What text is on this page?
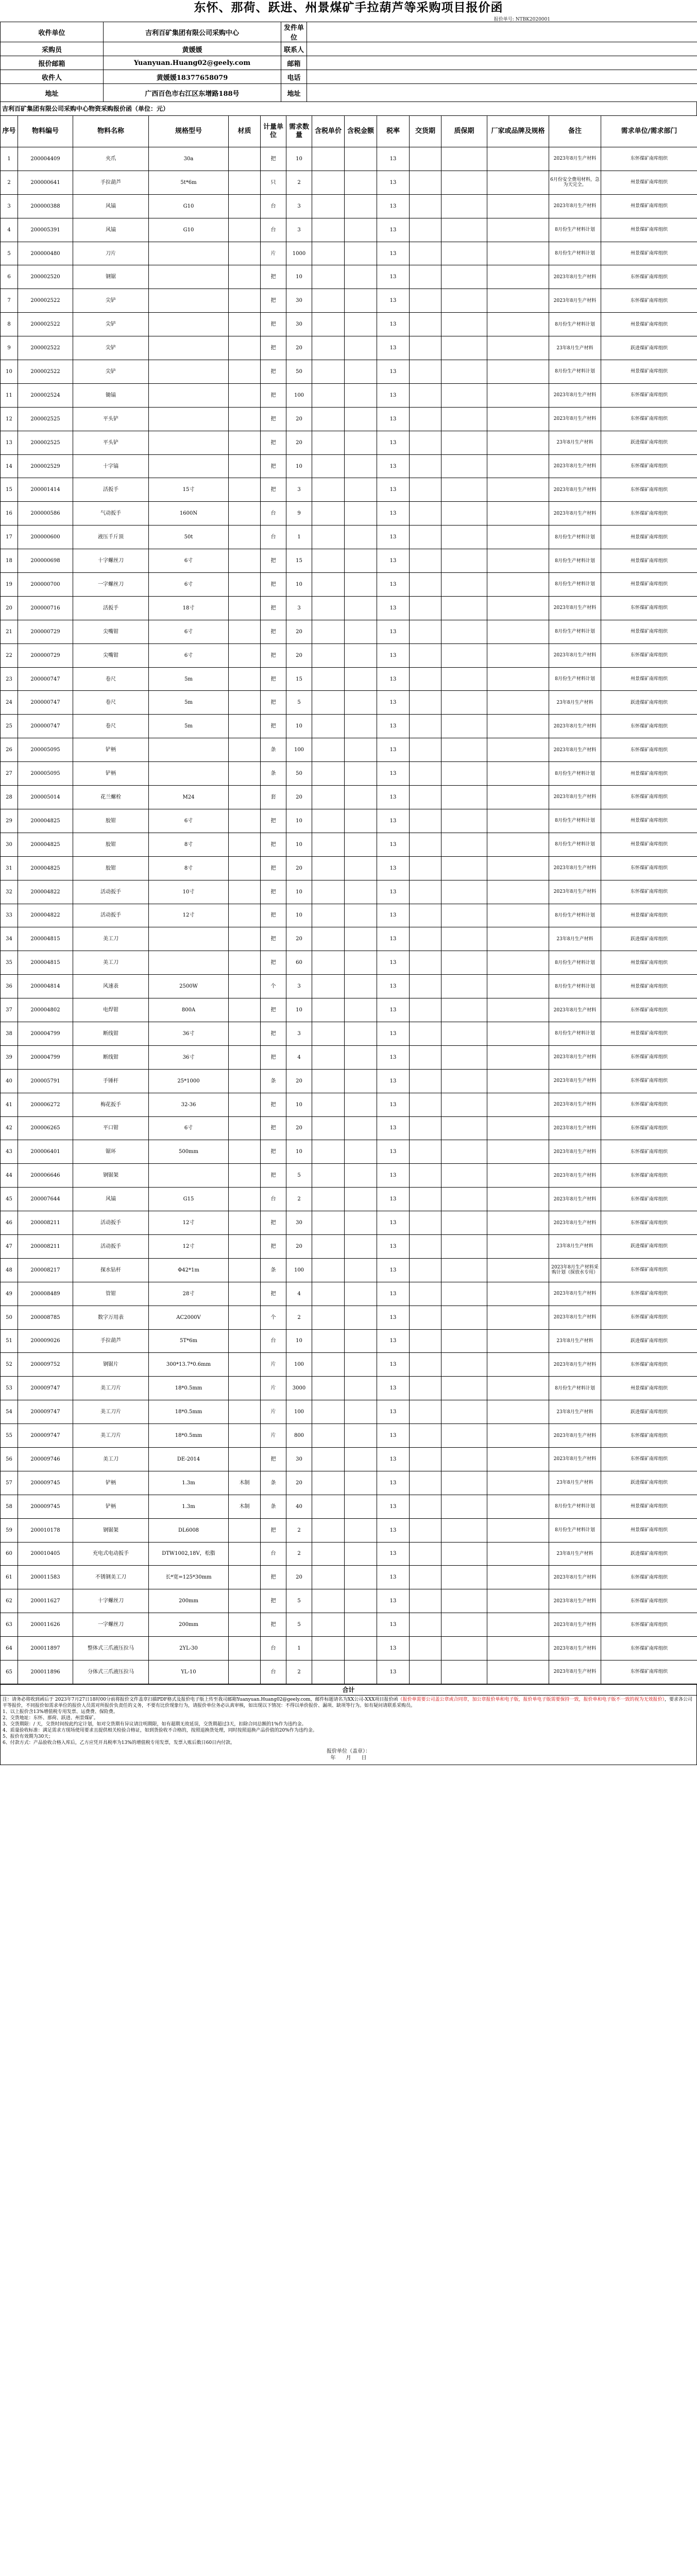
东怀、那荷、跃进、州景煤矿手拉葫芦等采购项目报价函
报价单号: NTBK2020001
收件单位	吉利百矿集团有限公司采购中心	发件单位	
采购员	黄媛媛	联系人	
报价邮箱	Yuanyuan.Huang02@geely.com	邮箱	
收件人	黄媛媛18377658079	电话	
地址	广西百色市右江区东增路188号	地址	
吉利百矿集团有限公司采购中心物资采购报价函（单位：元）
序号	物料编号	物料名称	规格型号	材质	计量单位	需求数量	含税单价	含税金额	税率	交货期	质保期	厂家或品牌及规格	备注	需求单位/需求部门
1	200004409	夹爪	30a		把	10			13				2023年8月生产材料	东怀煤矿南库组织
2	200000641	手拉葫芦	5t*6m		只	2			13				6月份安全费用材料，急为天完全。	州景煤矿南库组织
3	200000388	风镐	G10		台	3			13				2023年8月生产材料	州景煤矿南库组织
4	200005391	风镐	G10		台	3			13				8月份生产材料计划	州景煤矿南库组织
5	200000480	刀片			片	1000			13				8月份生产材料计划	州景煤矿南库组织
6	200002520	钢锯			把	10			13				2023年8月生产材料	东怀煤矿南库组织
7	200002522	尖铲			把	30			13				2023年8月生产材料	东怀煤矿南库组织
8	200002522	尖铲			把	30			13				8月份生产材料计划	州景煤矿南库组织
9	200002522	尖铲			把	20			13				23年8月生产材料	跃进煤矿南库组织
10	200002522	尖铲			把	50			13				8月份生产材料计划	州景煤矿南库组织
11	200002524	锄镐			把	100			13				2023年8月生产材料	东怀煤矿南库组织
12	200002525	平头铲			把	20			13				2023年8月生产材料	东怀煤矿南库组织
13	200002525	平头铲			把	20			13				23年8月生产材料	跃进煤矿南库组织
14	200002529	十字镐			把	10			13				2023年8月生产材料	东怀煤矿南库组织
15	200001414	活扳手	15寸		把	3			13				2023年8月生产材料	东怀煤矿南库组织
16	200000586	气动扳手	1600N		台	9			13				2023年8月生产材料	东怀煤矿南库组织
17	200000600	液压千斤顶	50t		台	1			13				8月份生产材料计划	州景煤矿南库组织
18	200000698	十字螺丝刀	6寸		把	15			13				8月份生产材料计划	州景煤矿南库组织
19	200000700	一字螺丝刀	6寸		把	10			13				8月份生产材料计划	州景煤矿南库组织
20	200000716	活扳手	18寸		把	3			13				2023年8月生产材料	东怀煤矿南库组织
21	200000729	尖嘴钳	6寸		把	20			13				8月份生产材料计划	州景煤矿南库组织
22	200000729	尖嘴钳	6寸		把	20			13				2023年8月生产材料	东怀煤矿南库组织
23	200000747	卷尺	5m		把	15			13				8月份生产材料计划	州景煤矿南库组织
24	200000747	卷尺	5m		把	5			13				23年8月生产材料	跃进煤矿南库组织
25	200000747	卷尺	5m		把	10			13				2023年8月生产材料	东怀煤矿南库组织
26	200005095	铲柄			条	100			13				2023年8月生产材料	东怀煤矿南库组织
27	200005095	铲柄			条	50			13				8月份生产材料计划	州景煤矿南库组织
28	200005014	花兰螺栓	M24		套	20			13				2023年8月生产材料	东怀煤矿南库组织
29	200004825	胶钳	6寸		把	10			13				8月份生产材料计划	州景煤矿南库组织
30	200004825	胶钳	8寸		把	10			13				8月份生产材料计划	州景煤矿南库组织
31	200004825	胶钳	8寸		把	20			13				2023年8月生产材料	东怀煤矿南库组织
32	200004822	活动扳手	10寸		把	10			13				2023年8月生产材料	东怀煤矿南库组织
33	200004822	活动扳手	12寸		把	10			13				8月份生产材料计划	州景煤矿南库组织
34	200004815	美工刀			把	20			13				23年8月生产材料	跃进煤矿南库组织
35	200004815	美工刀			把	60			13				8月份生产材料计划	州景煤矿南库组织
36	200004814	风速表	2500W		个	3			13				8月份生产材料计划	州景煤矿南库组织
37	200004802	电焊钳	800A		把	10			13				2023年8月生产材料	东怀煤矿南库组织
38	200004799	断线钳	36寸		把	3			13				8月份生产材料计划	州景煤矿南库组织
39	200004799	断线钳	36寸		把	4			13				2023年8月生产材料	东怀煤矿南库组织
40	200005791	手锤杆	25*1000		条	20			13				2023年8月生产材料	东怀煤矿南库组织
41	200006272	梅花扳手	32-36		把	10			13				2023年8月生产材料	东怀煤矿南库组织
42	200006265	平口钳	6寸		把	20			13				2023年8月生产材料	东怀煤矿南库组织
43	200006401	锯环	500mm		把	10			13				2023年8月生产材料	东怀煤矿南库组织
44	200006646	钢锯架			把	5			13				2023年8月生产材料	东怀煤矿南库组织
45	200007644	风镐	G15		台	2			13				2023年8月生产材料	东怀煤矿南库组织
46	200008211	活动扳手	12寸		把	30			13				2023年8月生产材料	东怀煤矿南库组织
47	200008211	活动扳手	12寸		把	20			13				23年8月生产材料	跃进煤矿南库组织
48	200008217	探水钻杆	Φ42*1m		条	100			13				2023年8月生产材料采购计划（探放水专用）	东怀煤矿南库组织
49	200008489	管钳	28寸		把	4			13				2023年8月生产材料	东怀煤矿南库组织
50	200008785	数字万用表	AC2000V		个	2			13				2023年8月生产材料	东怀煤矿南库组织
51	200009026	手拉葫芦	5T*6m		台	10			13				23年8月生产材料	跃进煤矿南库组织
52	200009752	钢锯片	300*13.7*0.6mm		片	100			13				2023年8月生产材料	东怀煤矿南库组织
53	200009747	美工刀片	18*0.5mm		片	3000			13				8月份生产材料计划	州景煤矿南库组织
54	200009747	美工刀片	18*0.5mm		片	100			13				23年8月生产材料	跃进煤矿南库组织
55	200009747	美工刀片	18*0.5mm		片	800			13				2023年8月生产材料	东怀煤矿南库组织
56	200009746	美工刀	DE-2014		把	30			13				2023年8月生产材料	东怀煤矿南库组织
57	200009745	铲柄	1.3m	木制	条	20			13				23年8月生产材料	跃进煤矿南库组织
58	200009745	铲柄	1.3m	木制	条	40			13				8月份生产材料计划	州景煤矿南库组织
59	200010178	钢锯架	DL6008		把	2			13				8月份生产材料计划	州景煤矿南库组织
60	200010405	充电式电动扳手	DTW1002,18V，松脂		台	2			13				23年8月生产材料	跃进煤矿南库组织
61	200011583	不锈钢美工刀	长*宽=125*30mm		把	20			13				2023年8月生产材料	东怀煤矿南库组织
62	200011627	十字螺丝刀	200mm		把	5			13				2023年8月生产材料	东怀煤矿南库组织
63	200011626	一字螺丝刀	200mm		把	5			13				2023年8月生产材料	东怀煤矿南库组织
64	200011897	整体式三爪液压拉马	2YL-30		台	1			13				2023年8月生产材料	东怀煤矿南库组织
65	200011896	分体式三爪液压拉马	YL-10		台	2			13				2023年8月生产材料	东怀煤矿南库组织
合计
注：请务必将收到函后于 2023年7月27日18时00分前将报价文件盖章扫描PDF格式及报价电子版上传至我司邮箱Yuanyuan.Huang02@geely.com，邮件标题请名为XX公司-XXX项目报价函（报价单需要公司盖公章或合同章，加公章报价单和电子版，报价单电子版需要保持一致，报价单和电子版不一致的视为无效报价），要求各公司平等报价，不同报价如需求单位的报价人员需对所报价负责任的义务，不要有比价现象行为，请报价单位务必认真审核，如出现以下情况：不得以单价报价、漏项、缺项等行为。如有疑问请联系采购员。
1、以上报价含13%增值税专用发票、运费费、保险费。
2、交货地址：东怀、那荷、跃进、州景煤矿。
3、交货期限：/ 天，交货时间按此约定计划，如对交货期有异议请注明期限，如有超期无故延误，交货期超过3天，扣除合同总额的1%作为违约金。
4、质量验收标准：满足需求方现场使用要求且提供相关检验合格证，如到货验收不合格的，按照退换货处理，同时按照退换产品价值的20%作为违约金。
5、报价有效期为30天；
6、付款方式：产品验收合格入库后，乙方应凭开具税率为13%的增值税专用发票，发票入账后数日60日内付款。
报价单位（盖章）：
年　　月　　日
